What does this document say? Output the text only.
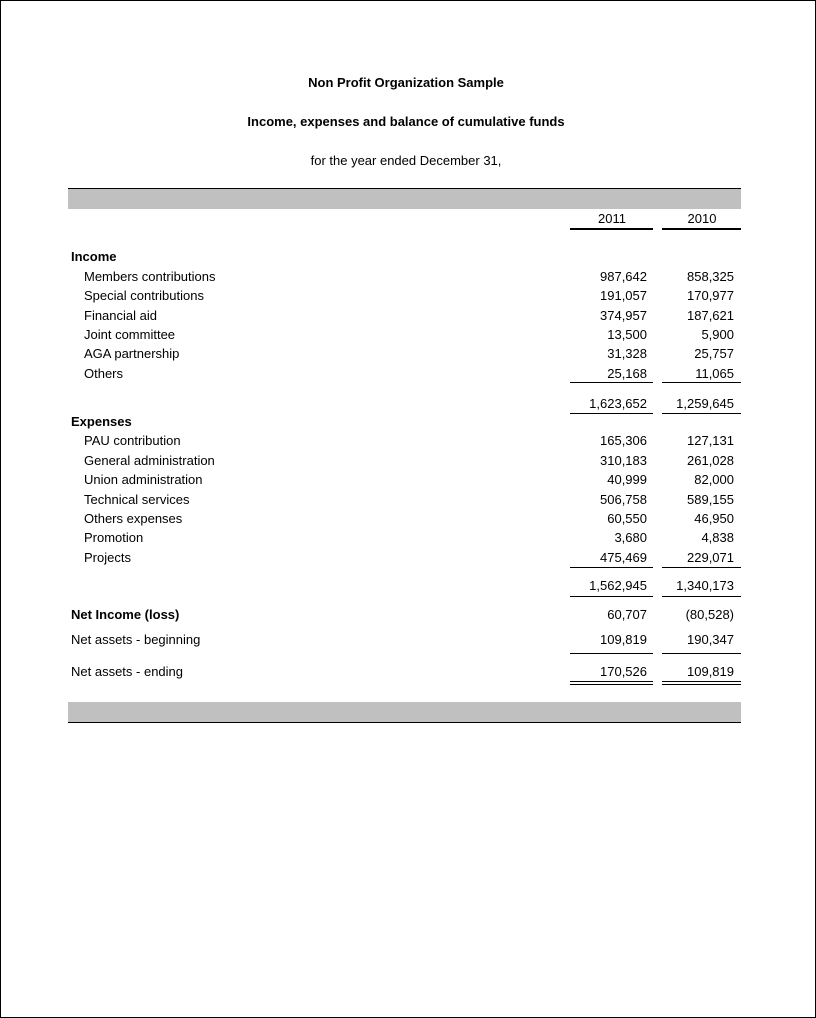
Non Profit Organization Sample
Income, expenses and balance of cumulative funds
for the year ended December 31,
2011	2010
Income
Members contributions	987,642	858,325
Special contributions	191,057	170,977
Financial aid	374,957	187,621
Joint committee	13,500	5,900
AGA partnership	31,328	25,757
Others	25,168	11,065
1,623,652	1,259,645
Expenses
PAU contribution	165,306	127,131
General administration	310,183	261,028
Union administration	40,999	82,000
Technical services	506,758	589,155
Others expenses	60,550	46,950
Promotion	3,680	4,838
Projects	475,469	229,071
1,562,945	1,340,173
Net Income (loss)	60,707	(80,528)
Net assets - beginning	109,819	190,347
Net assets - ending	170,526	109,819
